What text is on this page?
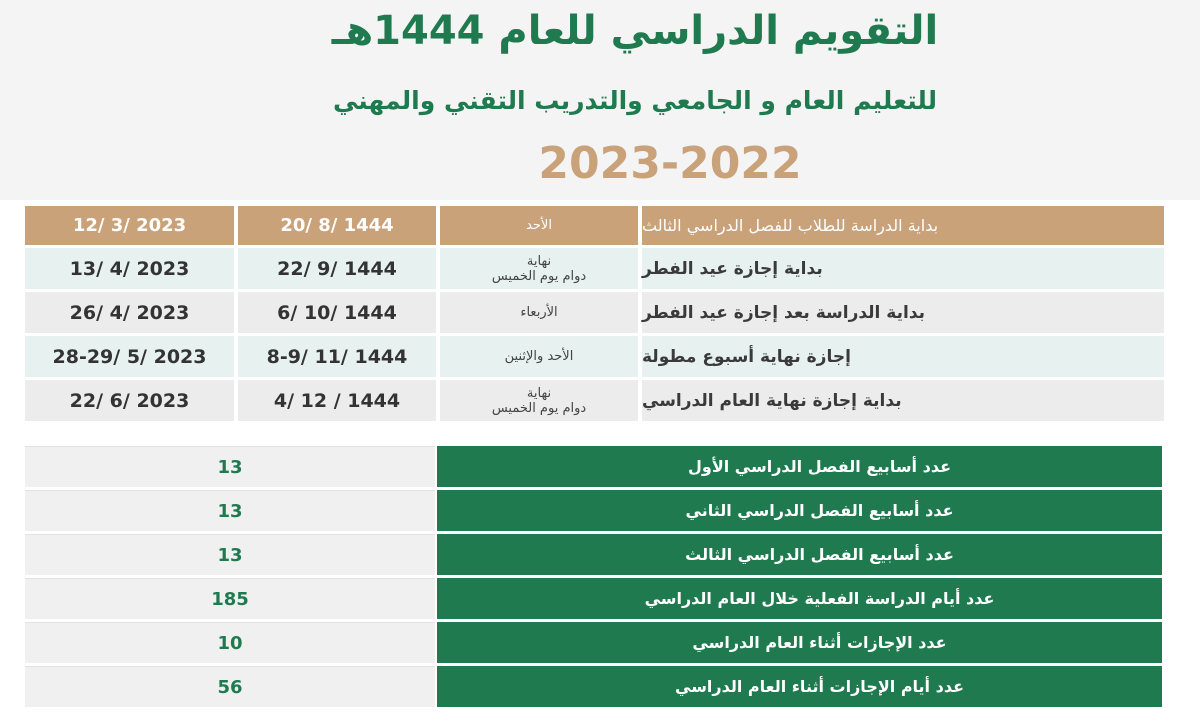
التقويم الدراسي للعام 1444هـ
للتعليم العام و الجامعي والتدريب التقني والمهني
2023-2022
بداية الدراسة للطلاب للفصل الدراسي الثالث
الأحد
20/ 8/ 1444
12/ 3/ 2023
بداية إجازة عيد الفطر
نهاية
دوام يوم الخميس
22/ 9/ 1444
13/ 4/ 2023
بداية الدراسة بعد إجازة عيد الفطر
الأربعاء
6/ 10/ 1444
26/ 4/ 2023
إجازة نهاية أسبوع مطولة
الأحد والإثنين
8-9/ 11/ 1444
28-29/ 5/ 2023
بداية إجازة نهاية العام الدراسي
نهاية
دوام يوم الخميس
4/ 12 / 1444
22/ 6/ 2023
عدد أسابيع الفصل الدراسي الأول
13
عدد أسابيع الفصل الدراسي الثاني
13
عدد أسابيع الفصل الدراسي الثالث
13
عدد أيام الدراسة الفعلية خلال العام الدراسي
185
عدد الإجازات أثناء العام الدراسي
10
عدد أيام الإجازات أثناء العام الدراسي
56
